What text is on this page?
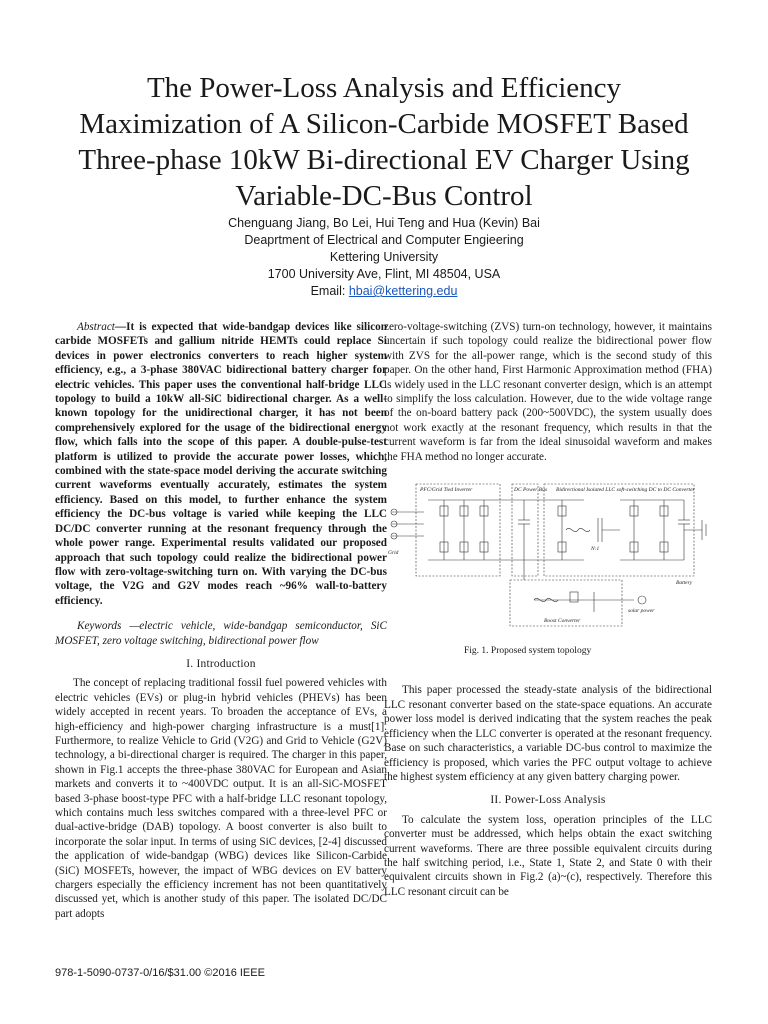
The Power-Loss Analysis and Efficiency
Maximization of A Silicon-Carbide MOSFET Based
Three-phase 10kW Bi-directional EV Charger Using
Variable-DC-Bus Control
Chenguang Jiang, Bo Lei, Hui Teng and Hua (Kevin) Bai
Deaprtment of Electrical and Computer Engieering
Kettering University
1700 University Ave, Flint, MI 48504, USA
Email: hbai@kettering.edu

Abstract—It is expected that wide-bandgap devices like silicon carbide MOSFETs and gallium nitride HEMTs could replace Si devices in power electronics converters to reach higher system efficiency, e.g., a 3-phase 380VAC bidirectional battery charger for electric vehicles. This paper uses the conventional half-bridge LLC topology to build a 10kW all-SiC bidirectional charger. As a well-known topology for the unidirectional charger, it has not been comprehensively explored for the usage of the bidirectional energy flow, which falls into the scope of this paper. A double-pulse-test platform is utilized to provide the accurate power losses, which, combined with the state-space model deriving the accurate switching current waveforms eventually accurately, estimates the system efficiency. Based on this model, to further enhance the system efficiency the DC-bus voltage is varied while keeping the LLC DC/DC converter running at the resonant frequency through the whole power range. Experimental results validated our proposed approach that such topology could realize the bidirectional power flow with zero-voltage-switching turn on. With varying the DC-bus voltage, the V2G and G2V modes reach ~96% wall-to-battery efficiency.

Keywords —electric vehicle, wide-bandgap semiconductor, SiC MOSFET, zero voltage switching, bidirectional power flow

I. Introduction

The concept of replacing traditional fossil fuel powered vehicles with electric vehicles (EVs) or plug-in hybrid vehicles (PHEVs) has been widely accepted in recent years. To broaden the acceptance of EVs, a high-efficiency and high-power charging infrastructure is a must[1]. Furthermore, to realize Vehicle to Grid (V2G) and Grid to Vehicle (G2V) technology, a bi-directional charger is required. The charger in this paper, shown in Fig.1 accepts the three-phase 380VAC for European and Asian markets and converts it to ~400VDC output. It is an all-SiC-MOSFET based 3-phase boost-type PFC with a half-bridge LLC resonant topology, which contains much less switches compared with a three-level PFC or dual-active-bridge (DAB) topology. A boost converter is also built to incorporate the solar input. In terms of using SiC devices, [2-4] discussed the application of wide-bandgap (WBG) devices like Silicon-Carbide (SiC) MOSFETs, however, the impact of WBG devices on EV battery chargers especially the efficiency increment has not been quantitatively discussed yet, which is another study of this paper. The isolated DC/DC part adopts

zero-voltage-switching (ZVS) turn-on technology, however, it maintains uncertain if such topology could realize the bidirectional power flow with ZVS for the all-power range, which is the second study of this paper. On the other hand, First Harmonic Approximation method (FHA) is widely used in the LLC resonant converter design, which is an attempt to simplify the loss calculation. However, due to the wide voltage range of the on-board battery pack (200~500VDC), the system usually does not work exactly at the resonant frequency, which results in that the current waveform is far from the ideal sinusoidal waveform and makes the FHA method no longer accurate.

PFC/Grid Tied Inverter	DC Power Bus Bidirectional Isolated LLC soft-switching DC to DC Converter
Boost Converter
Grid
Battery
solar power
N:1
Fig. 1. Proposed system topology

This paper processed the steady-state analysis of the bidirectional LLC resonant converter based on the state-space equations. An accurate power loss model is derived indicating that the system reaches the peak efficiency when the LLC converter is operated at the resonant frequency. Base on such characteristics, a variable DC-bus control to maximize the efficiency is proposed, which varies the PFC output voltage to achieve the highest system efficiency at any given battery charging power.

II. Power-Loss Analysis

To calculate the system loss, operation principles of the LLC converter must be addressed, which helps obtain the exact switching current waveforms. There are three possible equivalent circuits during the half switching period, i.e., State 1, State 2, and State 0 with their equivalent circuits shown in Fig.2 (a)~(c), respectively. Therefore this LLC resonant circuit can be

978-1-5090-0737-0/16/$31.00 ©2016 IEEE
